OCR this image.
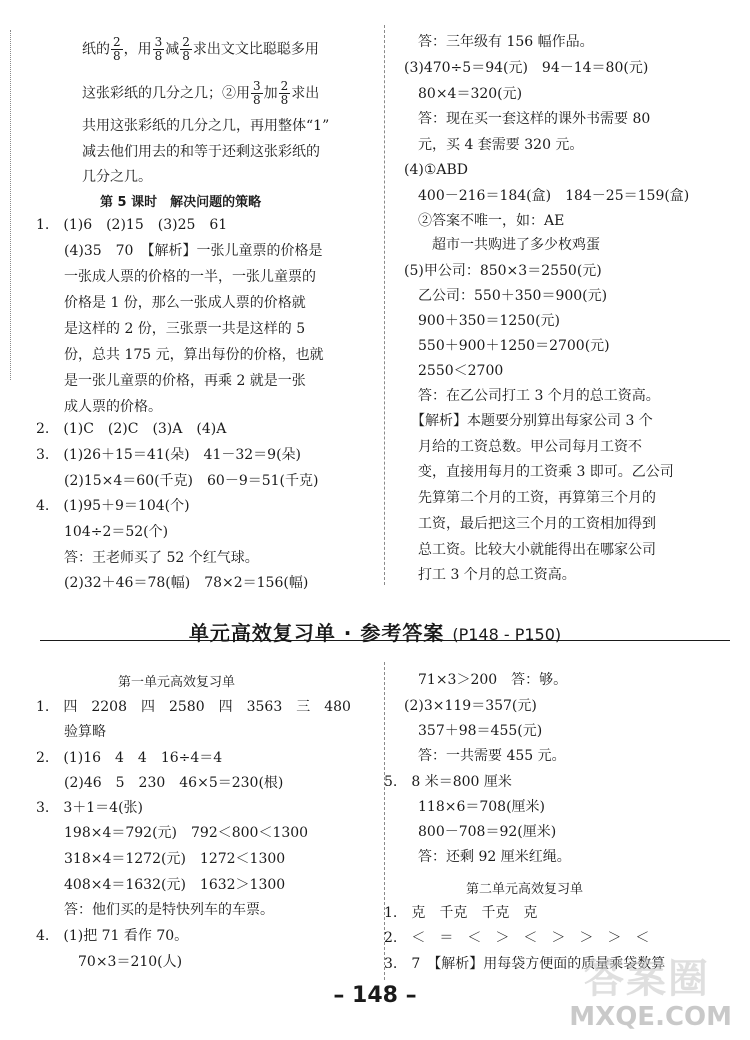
纸的 $\frac{2}{8}$ ，用 $\frac{3}{8}$ 减 $\frac{2}{8}$ 求出文文比聪聪多用
这张彩纸的几分之几；②用 $\frac{3}{8}$ 加 $\frac{2}{8}$ 求出
共用这张彩纸的几分之几，再用整体“1”
减去他们用去的和等于还剩这张彩纸的
几分之几。
第 5 课时　解决问题的策略
1.　(1)6　(2)15　(3)25　61
　　(4)35　70　【解析】一张儿童票的价格是
　　一张成人票的价格的一半，一张儿童票的
　　价格是 1 份，那么一张成人票的价格就
　　是这样的 2 份，三张票一共是这样的 5
　　份，总共 175 元，算出每份的价格，也就
　　是一张儿童票的价格，再乘 2 就是一张
　　成人票的价格。
2.　(1)C　(2)C　(3)A　(4)A
3.　(1)26＋15＝41(朵)　41－32＝9(朵)
　　(2)15×4＝60(千克)　60－9＝51(千克)
4.　(1)95＋9＝104(个)
　　104÷2＝52(个)
　　答：王老师买了 52 个红气球。
　　(2)32＋46＝78(幅)　78×2＝156(幅)
　答：三年级有 156 幅作品。
(3)470÷5＝94(元)　94－14＝80(元)
　80×4＝320(元)
　答：现在买一套这样的课外书需要 80
　元，买 4 套需要 320 元。
(4)①ABD
　400－216＝184(盒)　184－25＝159(盒)
　②答案不唯一，如：AE
　　超市一共购进了多少枚鸡蛋
(5)甲公司：850×3＝2550(元)
　乙公司：550＋350＝900(元)
　900＋350＝1250(元)
　550＋900＋1250＝2700(元)
　2550＜2700
　答：在乙公司打工 3 个月的总工资高。
　【解析】本题要分别算出每家公司 3 个
　月给的工资总数。甲公司每月工资不
　变，直接用每月的工资乘 3 即可。乙公司
　先算第二个月的工资，再算第三个月的
　工资，最后把这三个月的工资相加得到
　总工资。比较大小就能得出在哪家公司
　打工 3 个月的总工资高。
单元高效复习单 · 参考答案 (P148 - P150)
第一单元高效复习单
1.　四　2208　四　2580　四　3563　三　480
　　验算略
2.　(1)16　4　4　16÷4＝4
　　(2)46　5　230　46×5＝230(根)
3.　3＋1＝4(张)
　　198×4＝792(元)　792＜800＜1300
　　318×4＝1272(元)　1272＜1300
　　408×4＝1632(元)　1632＞1300
　　答：他们买的是特快列车的车票。
4.　(1)把 71 看作 70。
　　　70×3＝210(人)
　71×3＞200　答：够。
(2)3×119＝357(元)
　357＋98＝455(元)
　答：一共需要 455 元。
5.　8 米＝800 厘米
　118×6＝708(厘米)
　800－708＝92(厘米)
　答：还剩 92 厘米红绳。
第二单元高效复习单
1.　克　千克　千克　克
2.　＜　＝　＜　＞　＜　＞　＞　＞　＜
3.　7　【解析】用每袋方便面的质量乘袋数算
– 148 –	答案圈
MXQE.COM
